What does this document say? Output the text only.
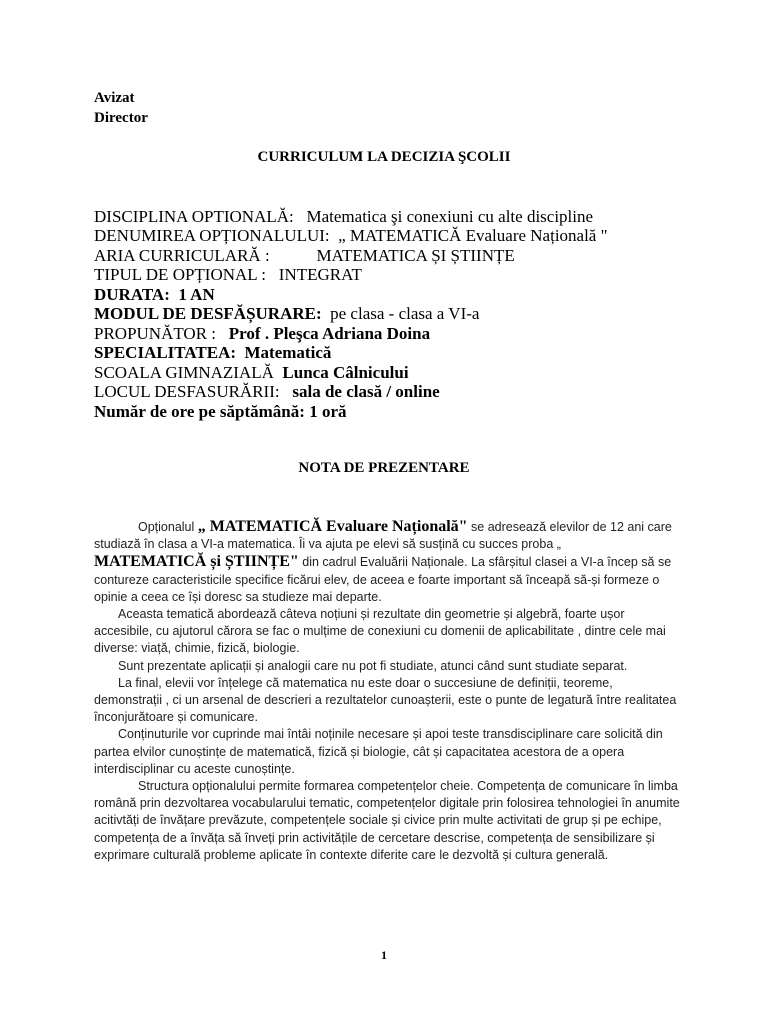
Avizat
Director
CURRICULUM LA DECIZIA ŞCOLII
DISCIPLINA OPTIONALĂ: Matematica şi conexiuni cu alte discipline
DENUMIREA OPȚIONALULUI: „ MATEMATICĂ Evaluare Națională "
ARIA CURRICULARĂ :	MATEMATICA ȘI ȘTIINȚE
TIPUL DE OPȚIONAL : INTEGRAT
DURATA: 1 AN
MODUL DE DESFĂȘURARE: pe clasa - clasa a VI-a
PROPUNĂTOR : Prof . Pleşca Adriana Doina
SPECIALITATEA: Matematică
SCOALA GIMNAZIALĂ Lunca Câlnicului
LOCUL DESFASURĂRII: sala de clasă / online
Număr de ore pe săptămână: 1 oră
NOTA DE PREZENTARE

Opționalul „ MATEMATICĂ Evaluare Națională" se adresează elevilor de 12 ani care studiază în clasa a VI-a matematica. Îi va ajuta pe elevi să susțină cu succes proba „
MATEMATICĂ și ȘTIINȚE" din cadrul Evaluării Naționale. La sfârșitul clasei a VI-a încep să se contureze caracteristicile specifice ficărui elev, de aceea e foarte important să înceapă să-și formeze o opinie a ceea ce își doresc sa studieze mai departe.

Aceasta tematică abordează câteva noțiuni și rezultate din geometrie și algebră, foarte ușor accesibile, cu ajutorul cărora se fac o mulțime de conexiuni cu domenii de aplicabilitate , dintre cele mai diverse: viață, chimie, fizică, biologie.

Sunt prezentate aplicații și analogii care nu pot fi studiate, atunci când sunt studiate separat.

La final, elevii vor înțelege că matematica nu este doar o succesiune de definiții, teoreme, demonstrații , ci un arsenal de descrieri a rezultatelor cunoașterii, este o punte de legatură între realitatea înconjurătoare și comunicare.

Conținuturile vor cuprinde mai întâi noținile necesare și apoi teste transdisciplinare care solicită din partea elvilor cunoștințe de matematică, fizică și biologie, cât și capacitatea acestora de a opera interdisciplinar cu aceste cunoștințe.

Structura opționalului permite formarea competențelor cheie. Competența de comunicare în limba română prin dezvoltarea vocabularului tematic, competențelor digitale prin folosirea tehnologiei în anumite acitivtăți de învățare prevăzute, competențele sociale și civice prin multe activitati de grup și pe echipe, competența de a învăța să înveți prin activitățile de cercetare descrise, competența de sensibilizare și exprimare culturală probleme aplicate în contexte diferite care le dezvoltă și cultura generală.

1
